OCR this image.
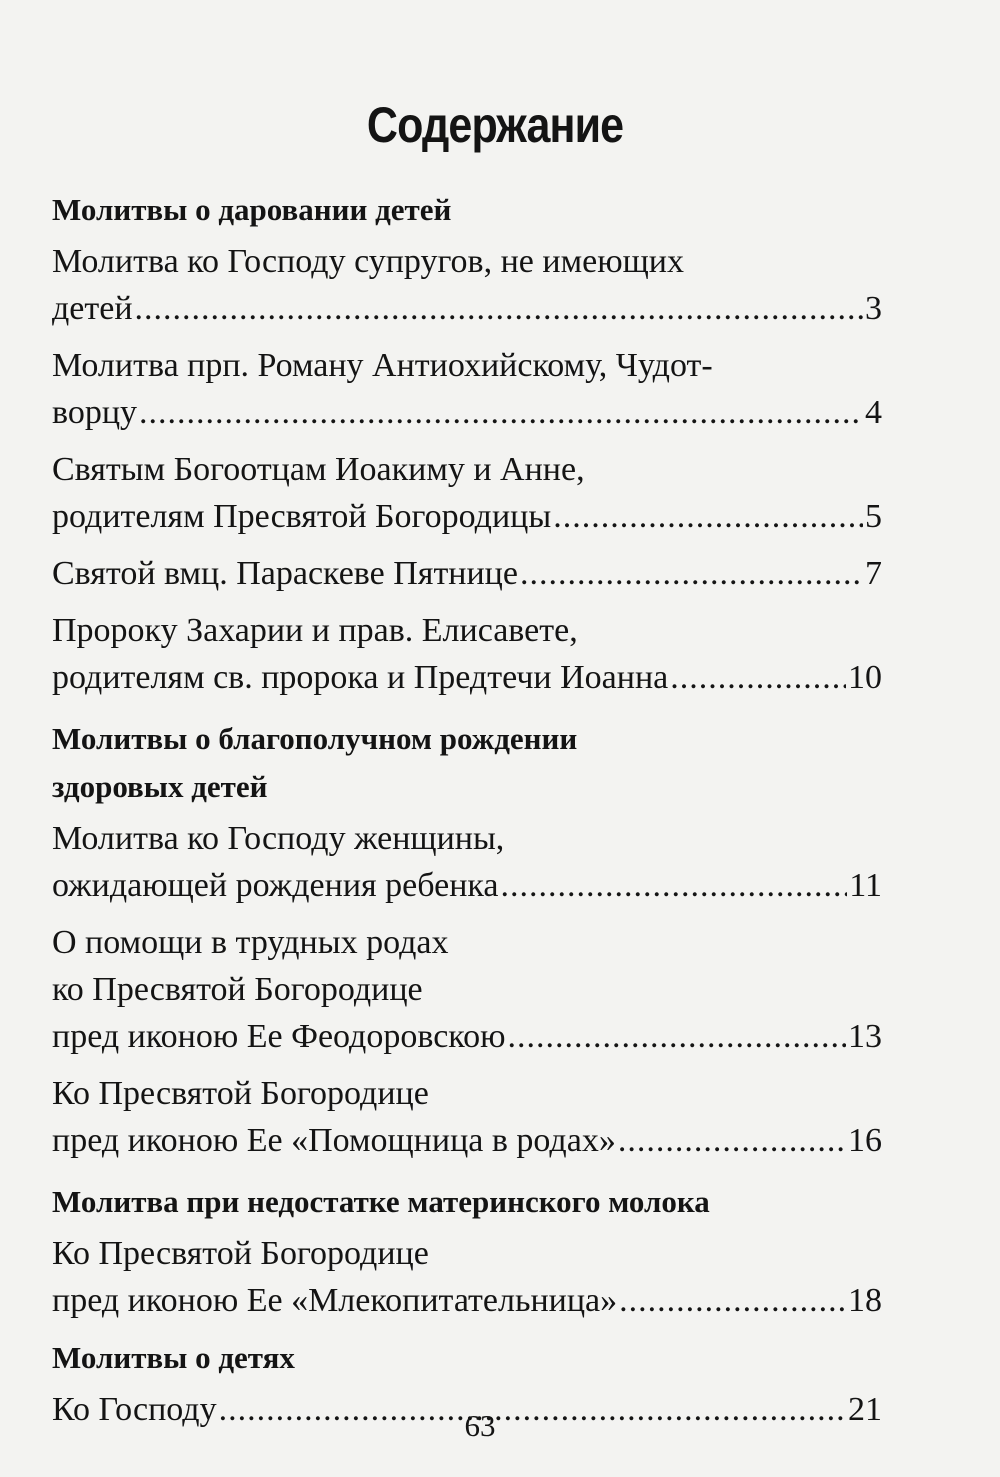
Содержание
Молитвы о даровании детей
Молитва ко Господу супругов, не имеющих
детей .....	3
Молитва прп. Роману Антиохийскому, Чудот-
ворцу .....	4
Святым Богоотцам Иоакиму и Анне,
родителям Пресвятой Богородицы .....	5
Святой вмц. Параскеве Пятнице .....	7
Пророку Захарии и прав. Елисавете,
родителям св. пророка и Предтечи Иоанна .....	10
Молитвы о благополучном рождении
здоровых детей
Молитва ко Господу женщины,
ожидающей рождения ребенка .....	11
О помощи в трудных родах
ко Пресвятой Богородице
пред иконою Ее Феодоровскою .....	13
Ко Пресвятой Богородице
пред иконою Ее «Помощница в родах» .....	16
Молитва при недостатке материнского молока
Ко Пресвятой Богородице
пред иконою Ее «Млекопитательница» .....	18
Молитвы о детях
Ко Господу .....	21
63
